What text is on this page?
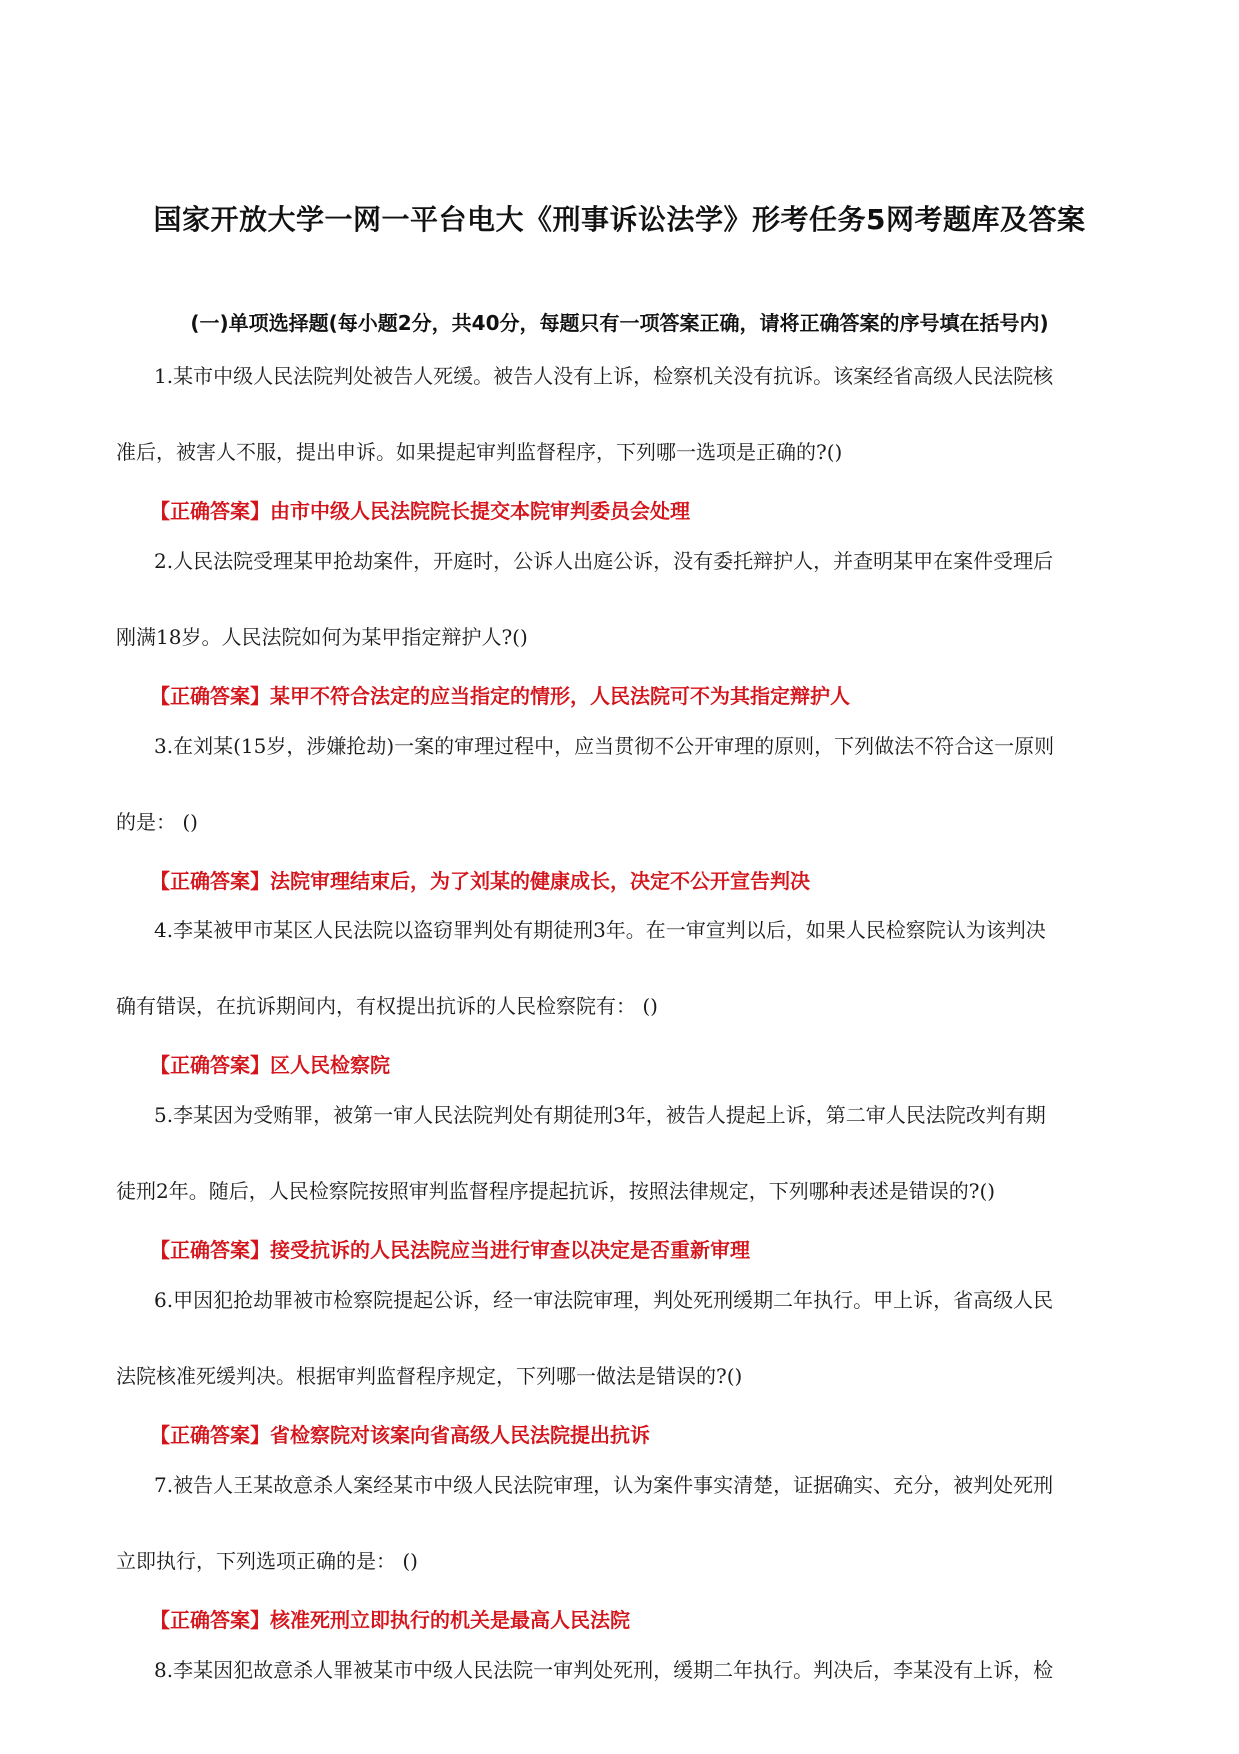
国家开放大学一网一平台电大《刑事诉讼法学》形考任务5网考题库及答案
(一)单项选择题(每小题2分，共40分，每题只有一项答案正确，请将正确答案的序号填在括号内)
1.某市中级人民法院判处被告人死缓。被告人没有上诉，检察机关没有抗诉。该案经省高级人民法院核
准后，被害人不服，提出申诉。如果提起审判监督程序，下列哪一选项是正确的?()
【正确答案】由市中级人民法院院长提交本院审判委员会处理
2.人民法院受理某甲抢劫案件，开庭时，公诉人出庭公诉，没有委托辩护人，并查明某甲在案件受理后
刚满18岁。人民法院如何为某甲指定辩护人?()
【正确答案】某甲不符合法定的应当指定的情形，人民法院可不为其指定辩护人
3.在刘某(15岁，涉嫌抢劫)一案的审理过程中，应当贯彻不公开审理的原则，下列做法不符合这一原则
的是： ()
【正确答案】法院审理结束后，为了刘某的健康成长，决定不公开宣告判决
4.李某被甲市某区人民法院以盗窃罪判处有期徒刑3年。在一审宣判以后，如果人民检察院认为该判决
确有错误，在抗诉期间内，有权提出抗诉的人民检察院有： ()
【正确答案】区人民检察院
5.李某因为受贿罪，被第一审人民法院判处有期徒刑3年，被告人提起上诉，第二审人民法院改判有期
徒刑2年。随后，人民检察院按照审判监督程序提起抗诉，按照法律规定，下列哪种表述是错误的?()
【正确答案】接受抗诉的人民法院应当进行审查以决定是否重新审理
6.甲因犯抢劫罪被市检察院提起公诉，经一审法院审理，判处死刑缓期二年执行。甲上诉，省高级人民
法院核准死缓判决。根据审判监督程序规定，下列哪一做法是错误的?()
【正确答案】省检察院对该案向省高级人民法院提出抗诉
7.被告人王某故意杀人案经某市中级人民法院审理，认为案件事实清楚，证据确实、充分，被判处死刑
立即执行，下列选项正确的是： ()
【正确答案】核准死刑立即执行的机关是最高人民法院
8.李某因犯故意杀人罪被某市中级人民法院一审判处死刑，缓期二年执行。判决后，李某没有上诉，检
